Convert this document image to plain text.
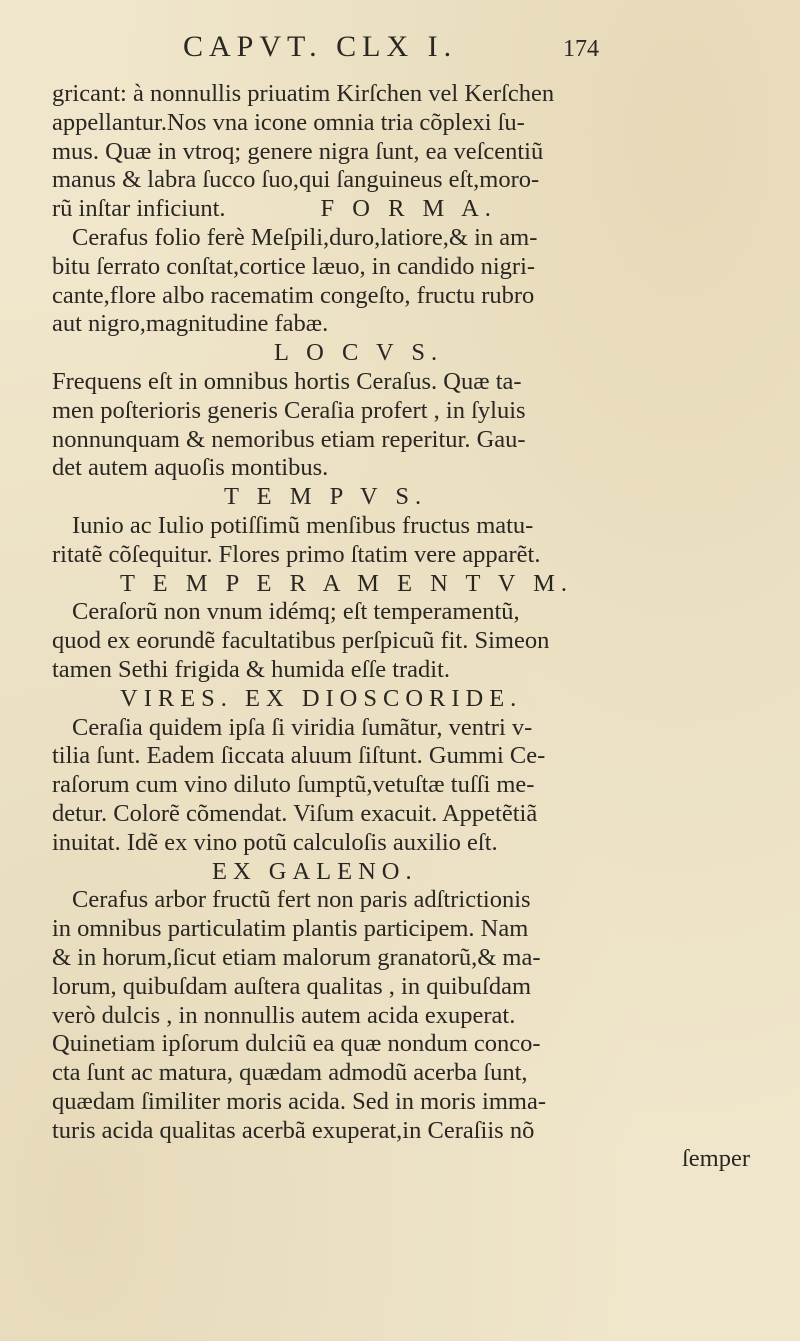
CAPVT. CLX I.	174
gricant: à nonnullis priuatim Kirſchen vel Kerſchen
appellantur.Nos vna icone omnia tria cõplexi ſu-
mus. Quæ in vtroq; genere nigra ſunt, ea veſcentiũ
manus & labra ſucco ſuo,qui ſanguineus eſt,moro-
rũ inſtar inficiunt.	F O R M A.
Cerafus folio ferè Meſpili,duro,latiore,& in am-
bitu ſerrato conſtat,cortice læuo, in candido nigri-
cante,flore albo racematim congeſto, fructu rubro
aut nigro,magnitudine fabæ.
L O C V S.
Frequens eſt in omnibus hortis Ceraſus. Quæ ta-
men poſterioris generis Ceraſia profert , in ſyluis
nonnunquam & nemoribus etiam reperitur. Gau-
det autem aquoſis montibus.
T E M P V S.
Iunio ac Iulio potiſſimũ menſibus fructus matu-
ritatẽ cõſequitur. Flores primo ſtatim vere apparẽt.
T E M P E R A M E N T V M.
Ceraſorũ non vnum idémq; eſt temperamentũ,
quod ex eorundẽ facultatibus perſpicuũ fit. Simeon
tamen Sethi frigida & humida eſſe tradit.
VIRES. EX DIOSCORIDE.
Ceraſia quidem ipſa ſi viridia ſumãtur, ventri v-
tilia ſunt. Eadem ſiccata aluum ſiſtunt. Gummi Ce-
raſorum cum vino diluto ſumptũ,vetuſtæ tuſſi me-
detur. Colorẽ cõmendat. Viſum exacuit. Appetẽtiã
inuitat. Idẽ ex vino potũ calculoſis auxilio eſt.
EX GALENO.
Cerafus arbor fructũ fert non paris adſtrictionis
in omnibus particulatim plantis participem. Nam
& in horum,ſicut etiam malorum granatorũ,& ma-
lorum, quibuſdam auſtera qualitas , in quibuſdam
verò dulcis , in nonnullis autem acida exuperat.
Quinetiam ipſorum dulciũ ea quæ nondum conco-
cta ſunt ac matura, quædam admodũ acerba ſunt,
quædam ſimiliter moris acida. Sed in moris imma-
turis acida qualitas acerbã exuperat,in Ceraſiis nõ
ſemper
